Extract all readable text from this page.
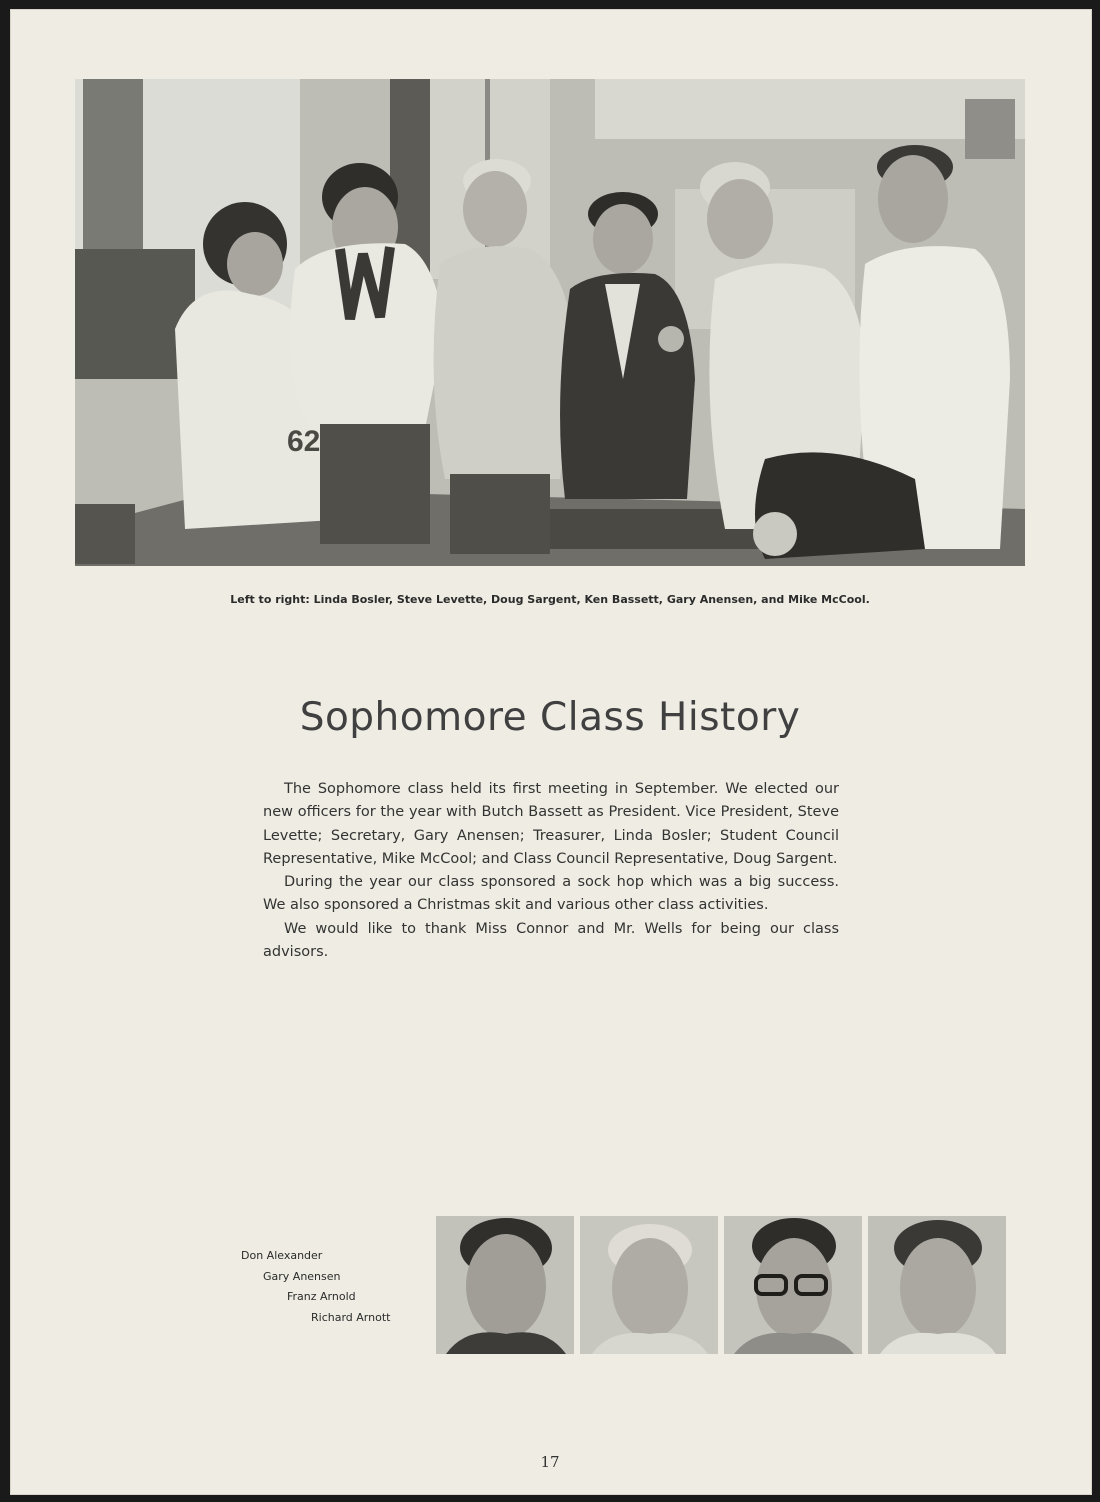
62
Left to right: Linda Bosler, Steve Levette, Doug Sargent, Ken Bassett, Gary Anensen, and Mike McCool.
Sophomore Class History

The Sophomore class held its first meeting in September. We elected our new officers for the year with Butch Bassett as President. Vice President, Steve Levette; Secretary, Gary Anensen; Treasurer, Linda Bosler; Student Council Representative, Mike McCool; and Class Council Representative, Doug Sargent.

During the year our class sponsored a sock hop which was a big success. We also sponsored a Christmas skit and various other class activities.

We would like to thank Miss Connor and Mr. Wells for being our class advisors.

Don Alexander
Gary Anensen
Franz Arnold
Richard Arnott
17
